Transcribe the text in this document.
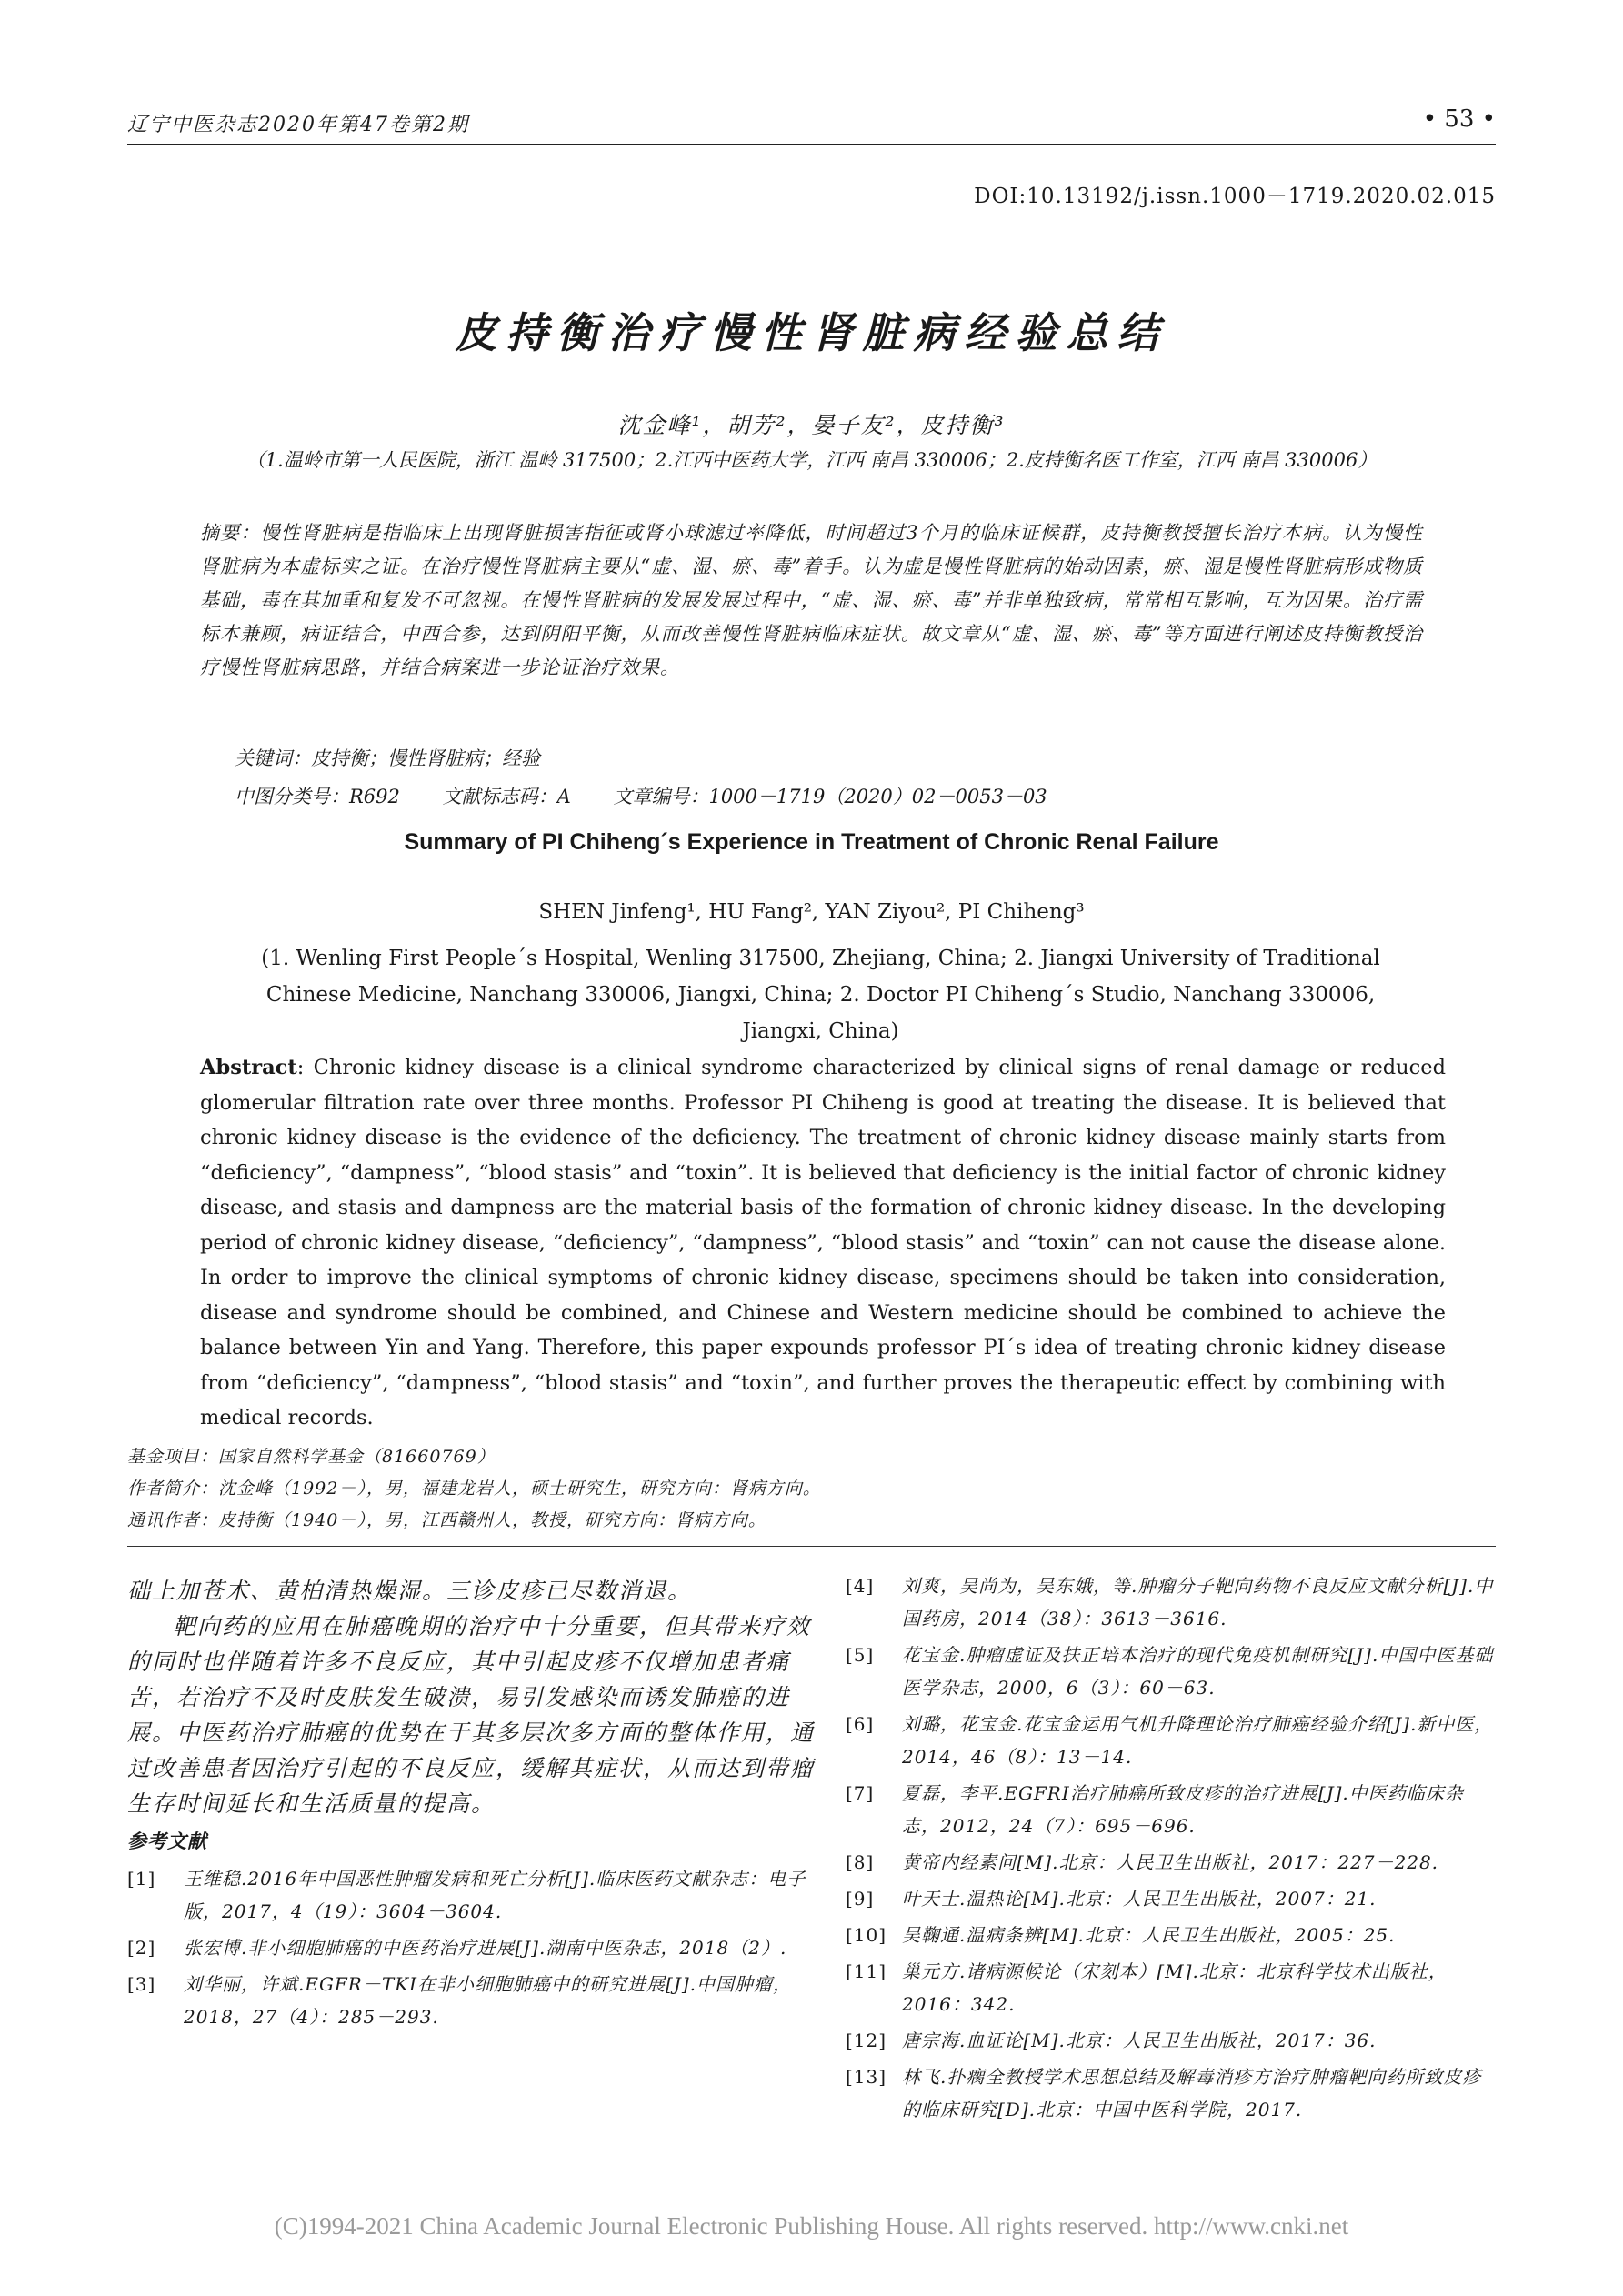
辽宁中医杂志2020年第47卷第2期	• 53 •
DOI:10.13192/j.issn.1000－1719.2020.02.015
皮持衡治疗慢性肾脏病经验总结
沈金峰¹，胡芳²，晏子友²，皮持衡³
（1.温岭市第一人民医院，浙江 温岭 317500；2.江西中医药大学，江西 南昌 330006；2.皮持衡名医工作室，江西 南昌 330006）
摘要：慢性肾脏病是指临床上出现肾脏损害指征或肾小球滤过率降低，时间超过3个月的临床证候群，皮持衡教授擅长治疗本病。认为慢性肾脏病为本虚标实之证。在治疗慢性肾脏病主要从“虚、湿、瘀、毒”着手。认为虚是慢性肾脏病的始动因素，瘀、湿是慢性肾脏病形成物质基础，毒在其加重和复发不可忽视。在慢性肾脏病的发展发展过程中，“虚、湿、瘀、毒”并非单独致病，常常相互影响，互为因果。治疗需标本兼顾，病证结合，中西合参，达到阴阳平衡，从而改善慢性肾脏病临床症状。故文章从“虚、湿、瘀、毒”等方面进行阐述皮持衡教授治疗慢性肾脏病思路，并结合病案进一步论证治疗效果。
关键词：皮持衡；慢性肾脏病；经验
中图分类号：R692 文献标志码：A 文章编号：1000－1719（2020）02－0053－03
Summary of PI Chiheng´s Experience in Treatment of Chronic Renal Failure
SHEN Jinfeng¹, HU Fang², YAN Ziyou², PI Chiheng³
(1. Wenling First People´s Hospital, Wenling 317500, Zhejiang, China; 2. Jiangxi University of Traditional Chinese Medicine, Nanchang 330006, Jiangxi, China; 2. Doctor PI Chiheng´s Studio, Nanchang 330006, Jiangxi, China)
Abstract: Chronic kidney disease is a clinical syndrome characterized by clinical signs of renal damage or reduced glomerular filtration rate over three months. Professor PI Chiheng is good at treating the disease. It is believed that chronic kidney disease is the evidence of the deficiency. The treatment of chronic kidney disease mainly starts from “deficiency”, “dampness”, “blood stasis” and “toxin”. It is believed that deficiency is the initial factor of chronic kidney disease, and stasis and dampness are the material basis of the formation of chronic kidney disease. In the developing period of chronic kidney disease, “deficiency”, “dampness”, “blood stasis” and “toxin” can not cause the disease alone. In order to improve the clinical symptoms of chronic kidney disease, specimens should be taken into consideration, disease and syndrome should be combined, and Chinese and Western medicine should be combined to achieve the balance between Yin and Yang. Therefore, this paper expounds professor PI´s idea of treating chronic kidney disease from “deficiency”, “dampness”, “blood stasis” and “toxin”, and further proves the therapeutic effect by combining with medical records.
基金项目：国家自然科学基金（81660769）
作者简介：沈金峰（1992－），男，福建龙岩人，硕士研究生，研究方向：肾病方向。
通讯作者：皮持衡（1940－），男，江西赣州人，教授，研究方向：肾病方向。

础上加苍术、黄柏清热燥湿。三诊皮疹已尽数消退。

靶向药的应用在肺癌晚期的治疗中十分重要，但其带来疗效的同时也伴随着许多不良反应，其中引起皮疹不仅增加患者痛苦，若治疗不及时皮肤发生破溃，易引发感染而诱发肺癌的进展。中医药治疗肺癌的优势在于其多层次多方面的整体作用，通过改善患者因治疗引起的不良反应，缓解其症状，从而达到带瘤生存时间延长和生活质量的提高。

参考文献
[1]	王维稳.2016年中国恶性肿瘤发病和死亡分析[J].临床医药文献杂志：电子版，2017，4（19）：3604－3604.
[2]	张宏博.非小细胞肺癌的中医药治疗进展[J].湖南中医杂志，2018（2）.
[3]	刘华丽，许斌.EGFR－TKI在非小细胞肺癌中的研究进展[J].中国肿瘤，2018，27（4）：285－293.
[4]	刘爽，吴尚为，吴东娥，等.肿瘤分子靶向药物不良反应文献分析[J].中国药房，2014（38）：3613－3616.
[5]	花宝金.肿瘤虚证及扶正培本治疗的现代免疫机制研究[J].中国中医基础医学杂志，2000，6（3）：60－63.
[6]	刘璐，花宝金.花宝金运用气机升降理论治疗肺癌经验介绍[J].新中医，2014，46（8）：13－14.
[7]	夏磊，李平.EGFRI治疗肺癌所致皮疹的治疗进展[J].中医药临床杂志，2012，24（7）：695－696.
[8]	黄帝内经素问[M].北京：人民卫生出版社，2017：227－228.
[9]	叶天士.温热论[M].北京：人民卫生出版社，2007：21.
[10] 吴鞠通.温病条辨[M].北京：人民卫生出版社，2005：25.
[11] 巢元方.诸病源候论（宋刻本）[M].北京：北京科学技术出版社，2016：342.
[12] 唐宗海.血证论[M].北京：人民卫生出版社，2017：36.
[13] 林飞.扑瘸全教授学术思想总结及解毒消疹方治疗肿瘤靶向药所致皮疹的临床研究[D].北京：中国中医科学院，2017.
(C)1994-2021 China Academic Journal Electronic Publishing House. All rights reserved. http://www.cnki.net
